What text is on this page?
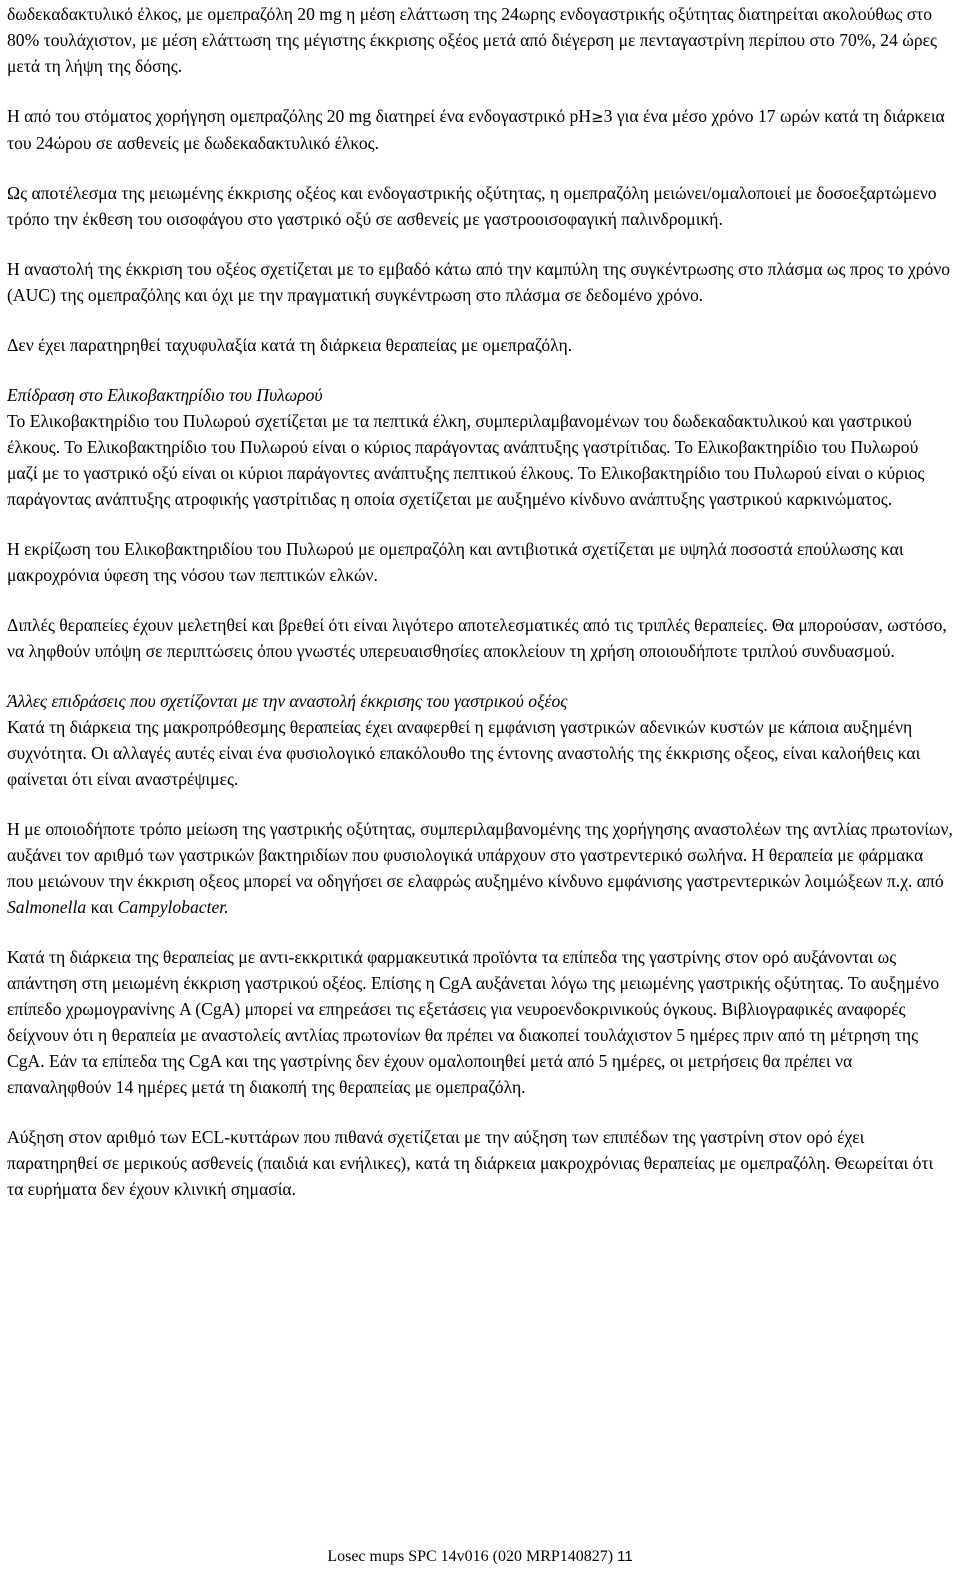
δωδεκαδακτυλικό έλκος, με ομεπραζόλη 20 mg η μέση ελάττωση της 24ωρης ενδογαστρικής οξύτητας διατηρείται ακολούθως στο 80% τουλάχιστον, με μέση ελάττωση της μέγιστης έκκρισης οξέος μετά από διέγερση με πενταγαστρίνη περίπου στο 70%, 24 ώρες μετά τη λήψη της δόσης.

Η από του στόματος χορήγηση ομεπραζόλης 20 mg διατηρεί ένα ενδογαστρικό pH≥3 για ένα μέσο χρόνο 17 ωρών κατά τη διάρκεια του 24ώρου σε ασθενείς με δωδεκαδακτυλικό έλκος.

Ως αποτέλεσμα της μειωμένης έκκρισης οξέος και ενδογαστρικής οξύτητας, η ομεπραζόλη μειώνει/ομαλοποιεί με δοσοεξαρτώμενο τρόπο την έκθεση του οισοφάγου στο γαστρικό οξύ σε ασθενείς με γαστροοισοφαγική παλινδρομική.

Η αναστολή της έκκριση του οξέος σχετίζεται με το εμβαδό κάτω από την καμπύλη της συγκέντρωσης στο πλάσμα ως προς το χρόνο (AUC) της ομεπραζόλης και όχι με την πραγματική συγκέντρωση στο πλάσμα σε δεδομένο χρόνο.

Δεν έχει παρατηρηθεί ταχυφυλαξία κατά τη διάρκεια θεραπείας με ομεπραζόλη.

Επίδραση στο Ελικοβακτηρίδιο του Πυλωρού
Το Ελικοβακτηρίδιο του Πυλωρού σχετίζεται με τα πεπτικά έλκη, συμπεριλαμβανομένων του δωδεκαδακτυλικού και γαστρικού έλκους. Το Ελικοβακτηρίδιο του Πυλωρού είναι ο κύριος παράγοντας ανάπτυξης γαστρίτιδας. Το Ελικοβακτηρίδιο του Πυλωρού μαζί με το γαστρικό οξύ είναι οι κύριοι παράγοντες ανάπτυξης πεπτικού έλκους. Το Ελικοβακτηρίδιο του Πυλωρού είναι ο κύριος παράγοντας ανάπτυξης ατροφικής γαστρίτιδας η οποία σχετίζεται με αυξημένο κίνδυνο ανάπτυξης γαστρικού καρκινώματος.

Η εκρίζωση του Ελικοβακτηριδίου του Πυλωρού με ομεπραζόλη και αντιβιοτικά σχετίζεται με υψηλά ποσοστά επούλωσης και μακροχρόνια ύφεση της νόσου των πεπτικών ελκών.

Διπλές θεραπείες έχουν μελετηθεί και βρεθεί ότι είναι λιγότερο αποτελεσματικές από τις τριπλές θεραπείες. Θα μπορούσαν, ωστόσο, να ληφθούν υπόψη σε περιπτώσεις όπου γνωστές υπερευαισθησίες αποκλείουν τη χρήση οποιουδήποτε τριπλού συνδυασμού.

Άλλες επιδράσεις που σχετίζονται με την αναστολή έκκρισης του γαστρικού οξέος
Κατά τη διάρκεια της μακροπρόθεσμης θεραπείας έχει αναφερθεί η εμφάνιση γαστρικών αδενικών κυστών με κάποια αυξημένη συχνότητα. Οι αλλαγές αυτές είναι ένα φυσιολογικό επακόλουθο της έντονης αναστολής της έκκρισης οξεος, είναι καλοήθεις και φαίνεται ότι είναι αναστρέψιμες.

Η με οποιοδήποτε τρόπο μείωση της γαστρικής οξύτητας, συμπεριλαμβανομένης της χορήγησης αναστολέων της αντλίας πρωτονίων, αυξάνει τον αριθμό των γαστρικών βακτηριδίων που φυσιολογικά υπάρχουν στο γαστρεντερικό σωλήνα. Η θεραπεία με φάρμακα που μειώνουν την έκκριση οξεος μπορεί να οδηγήσει σε ελαφρώς αυξημένο κίνδυνο εμφάνισης γαστρεντερικών λοιμώξεων π.χ. από Salmonella και Campylobacter.

Κατά τη διάρκεια της θεραπείας με αντι-εκκριτικά φαρμακευτικά προϊόντα τα επίπεδα της γαστρίνης στον ορό αυξάνονται ως απάντηση στη μειωμένη έκκριση γαστρικού οξέος. Επίσης η CgA αυξάνεται λόγω της μειωμένης γαστρικής οξύτητας. Το αυξημένο επίπεδο χρωμογρανίνης A (CgA) μπορεί να επηρεάσει τις εξετάσεις για νευροενδοκρινικούς όγκους. Βιβλιογραφικές αναφορές δείχνουν ότι η θεραπεία με αναστολείς αντλίας πρωτονίων θα πρέπει να διακοπεί τουλάχιστον 5 ημέρες πριν από τη μέτρηση της CgA. Εάν τα επίπεδα της CgA και της γαστρίνης δεν έχουν ομαλοποιηθεί μετά από 5 ημέρες, οι μετρήσεις θα πρέπει να επαναληφθούν 14 ημέρες μετά τη διακοπή της θεραπείας με ομεπραζόλη.

Αύξηση στον αριθμό των ECL-κυττάρων που πιθανά σχετίζεται με την αύξηση των επιπέδων της γαστρίνη στον ορό έχει παρατηρηθεί σε μερικούς ασθενείς (παιδιά και ενήλικες), κατά τη διάρκεια μακροχρόνιας θεραπείας με ομεπραζόλη. Θεωρείται ότι τα ευρήματα δεν έχουν κλινική σημασία.

Losec mups SPC 14v016 (020 MRP140827) 11
